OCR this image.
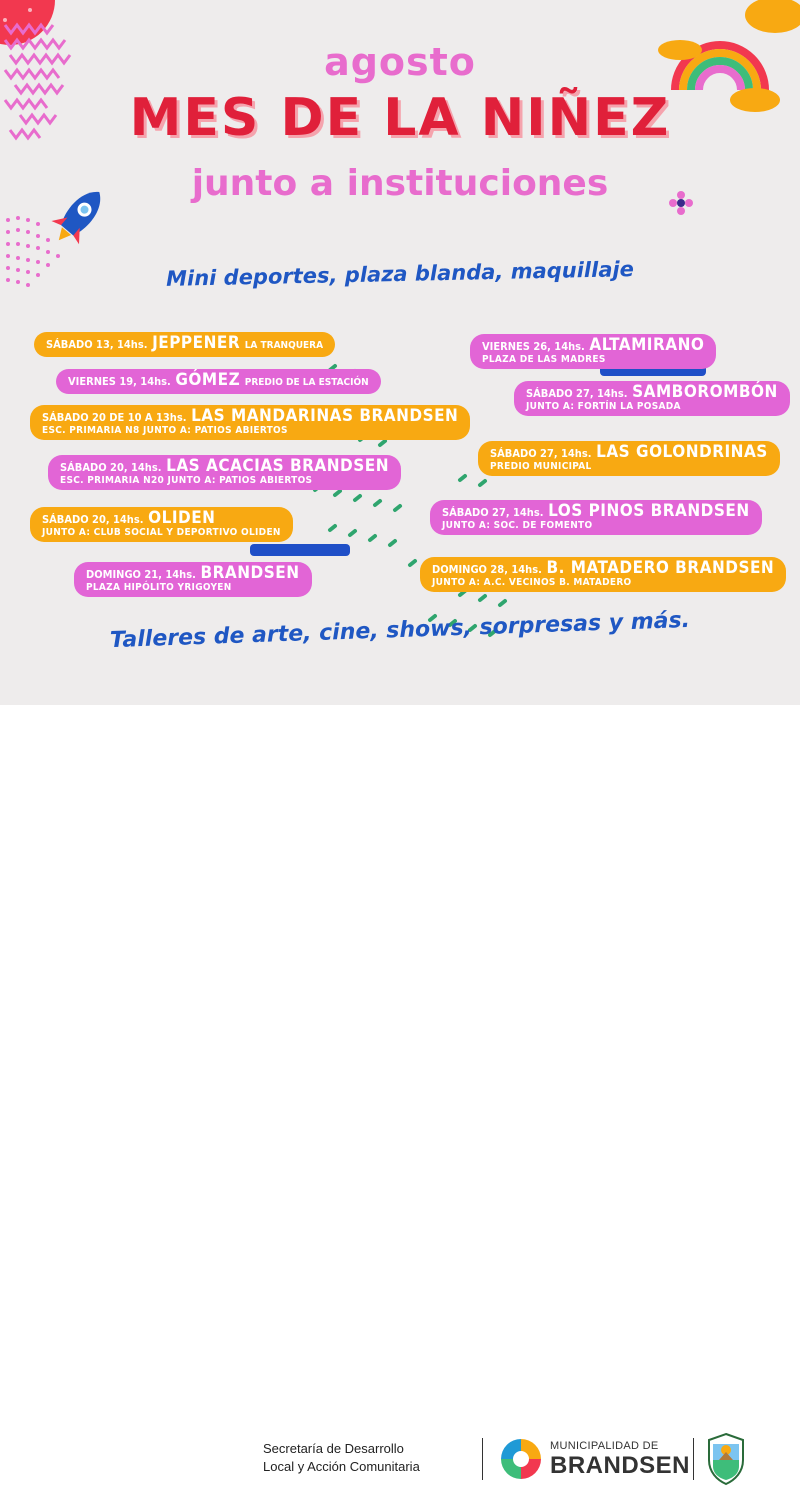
agosto
MES DE LA NIÑEZ
junto a instituciones
Mini deportes, plaza blanda, maquillaje
SÁBADO 13, 14hs. JEPPENER LA TRANQUERA
VIERNES 19, 14hs. GÓMEZ PREDIO DE LA ESTACIÓN
SÁBADO 20 DE 10 A 13hs. LAS MANDARINAS BRANDSEN
ESC. PRIMARIA N8 JUNTO A: PATIOS ABIERTOS
SÁBADO 20, 14hs. LAS ACACIAS BRANDSEN
ESC. PRIMARIA N20 JUNTO A: PATIOS ABIERTOS
SÁBADO 20, 14hs. OLIDEN
JUNTO A: CLUB SOCIAL Y DEPORTIVO OLIDEN
DOMINGO 21, 14hs. BRANDSEN
PLAZA HIPÓLITO YRIGOYEN
VIERNES 26, 14hs. ALTAMIRANO
PLAZA DE LAS MADRES
SÁBADO 27, 14hs. SAMBOROMBÓN
JUNTO A: FORTÍN LA POSADA
SÁBADO 27, 14hs. LAS GOLONDRINAS
PREDIO MUNICIPAL
SÁBADO 27, 14hs. LOS PINOS BRANDSEN
JUNTO A: SOC. DE FOMENTO
DOMINGO 28, 14hs. B. MATADERO BRANDSEN
JUNTO A: A.C. VECINOS B. MATADERO
Talleres de arte, cine, shows, sorpresas y más.
Secretaría de Desarrollo
Local y Acción Comunitaria
MUNICIPALIDAD DE
BRANDSEN
